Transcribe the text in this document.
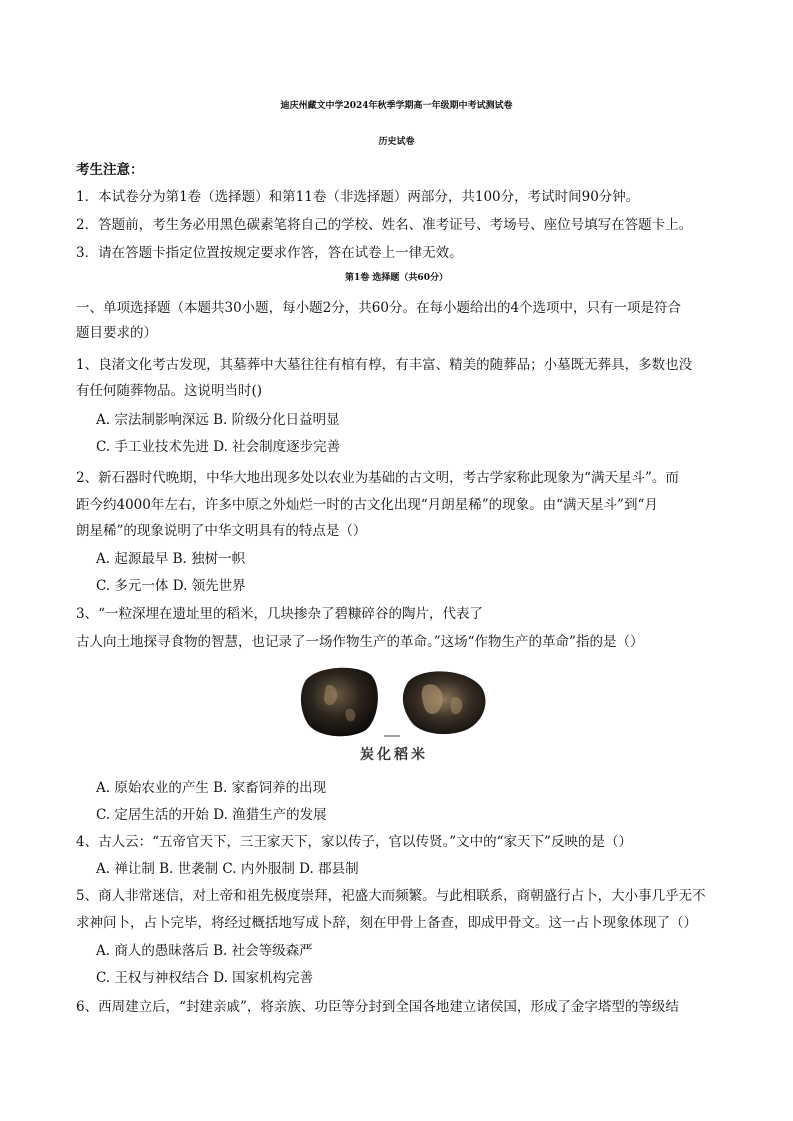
迪庆州藏文中学2024年秋季学期高一年级期中考试测试卷
历史试卷
考生注意：
1．本试卷分为第1卷（选择题）和第11卷（非选择题）两部分，共100分，考试时间90分钟。
2．答题前，考生务必用黑色碳素笔将自己的学校、姓名、准考证号、考场号、座位号填写在答题卡上。
3．请在答题卡指定位置按规定要求作答，答在试卷上一律无效。
第1卷 选择题（共60分）
一、单项选择题（本题共30小题，每小题2分，共60分。在每小题给出的4个选项中，只有一项是符合
题目要求的）
1、良渚文化考古发现，其墓葬中大墓往往有棺有椁，有丰富、精美的随葬品；小墓既无葬具，多数也没
有任何随葬物品。这说明当时()
A. 宗法制影响深远 B. 阶级分化日益明显
C. 手工业技术先进 D. 社会制度逐步完善
2、新石器时代晚期，中华大地出现多处以农业为基础的古文明，考古学家称此现象为“满天星斗”。而
距今约4000年左右，许多中原之外灿烂一时的古文化出现“月朗星稀”的现象。由“满天星斗”到“月
朗星稀”的现象说明了中华文明具有的特点是（）
A. 起源最早 B. 独树一帜
C. 多元一体 D. 领先世界
3、“一粒深埋在遗址里的稻米，几块掺杂了碧糠碎谷的陶片，代表了
古人向土地探寻食物的智慧，也记录了一场作物生产的革命。”这场“作物生产的革命”指的是（）
炭化稻米
A. 原始农业的产生 B. 家畜饲养的出现
C. 定居生活的开始 D. 渔猎生产的发展
4、古人云：“五帝官天下，三王家天下，家以传子，官以传贤。”文中的“家天下”反映的是（）
A. 禅让制 B. 世袭制 C. 内外服制 D. 郡县制
5、商人非常迷信，对上帝和祖先极度崇拜，祀盛大而频繁。与此相联系，商朝盛行占卜，大小事几乎无不
求神问卜，占卜完毕，将经过概括地写成卜辞，刻在甲骨上备查，即成甲骨文。这一占卜现象体现了（）
A. 商人的愚昧落后 B. 社会等级森严
C. 王权与神权结合 D. 国家机构完善
6、西周建立后，“封建亲戚”，将亲族、功臣等分封到全国各地建立诸侯国，形成了金字塔型的等级结
